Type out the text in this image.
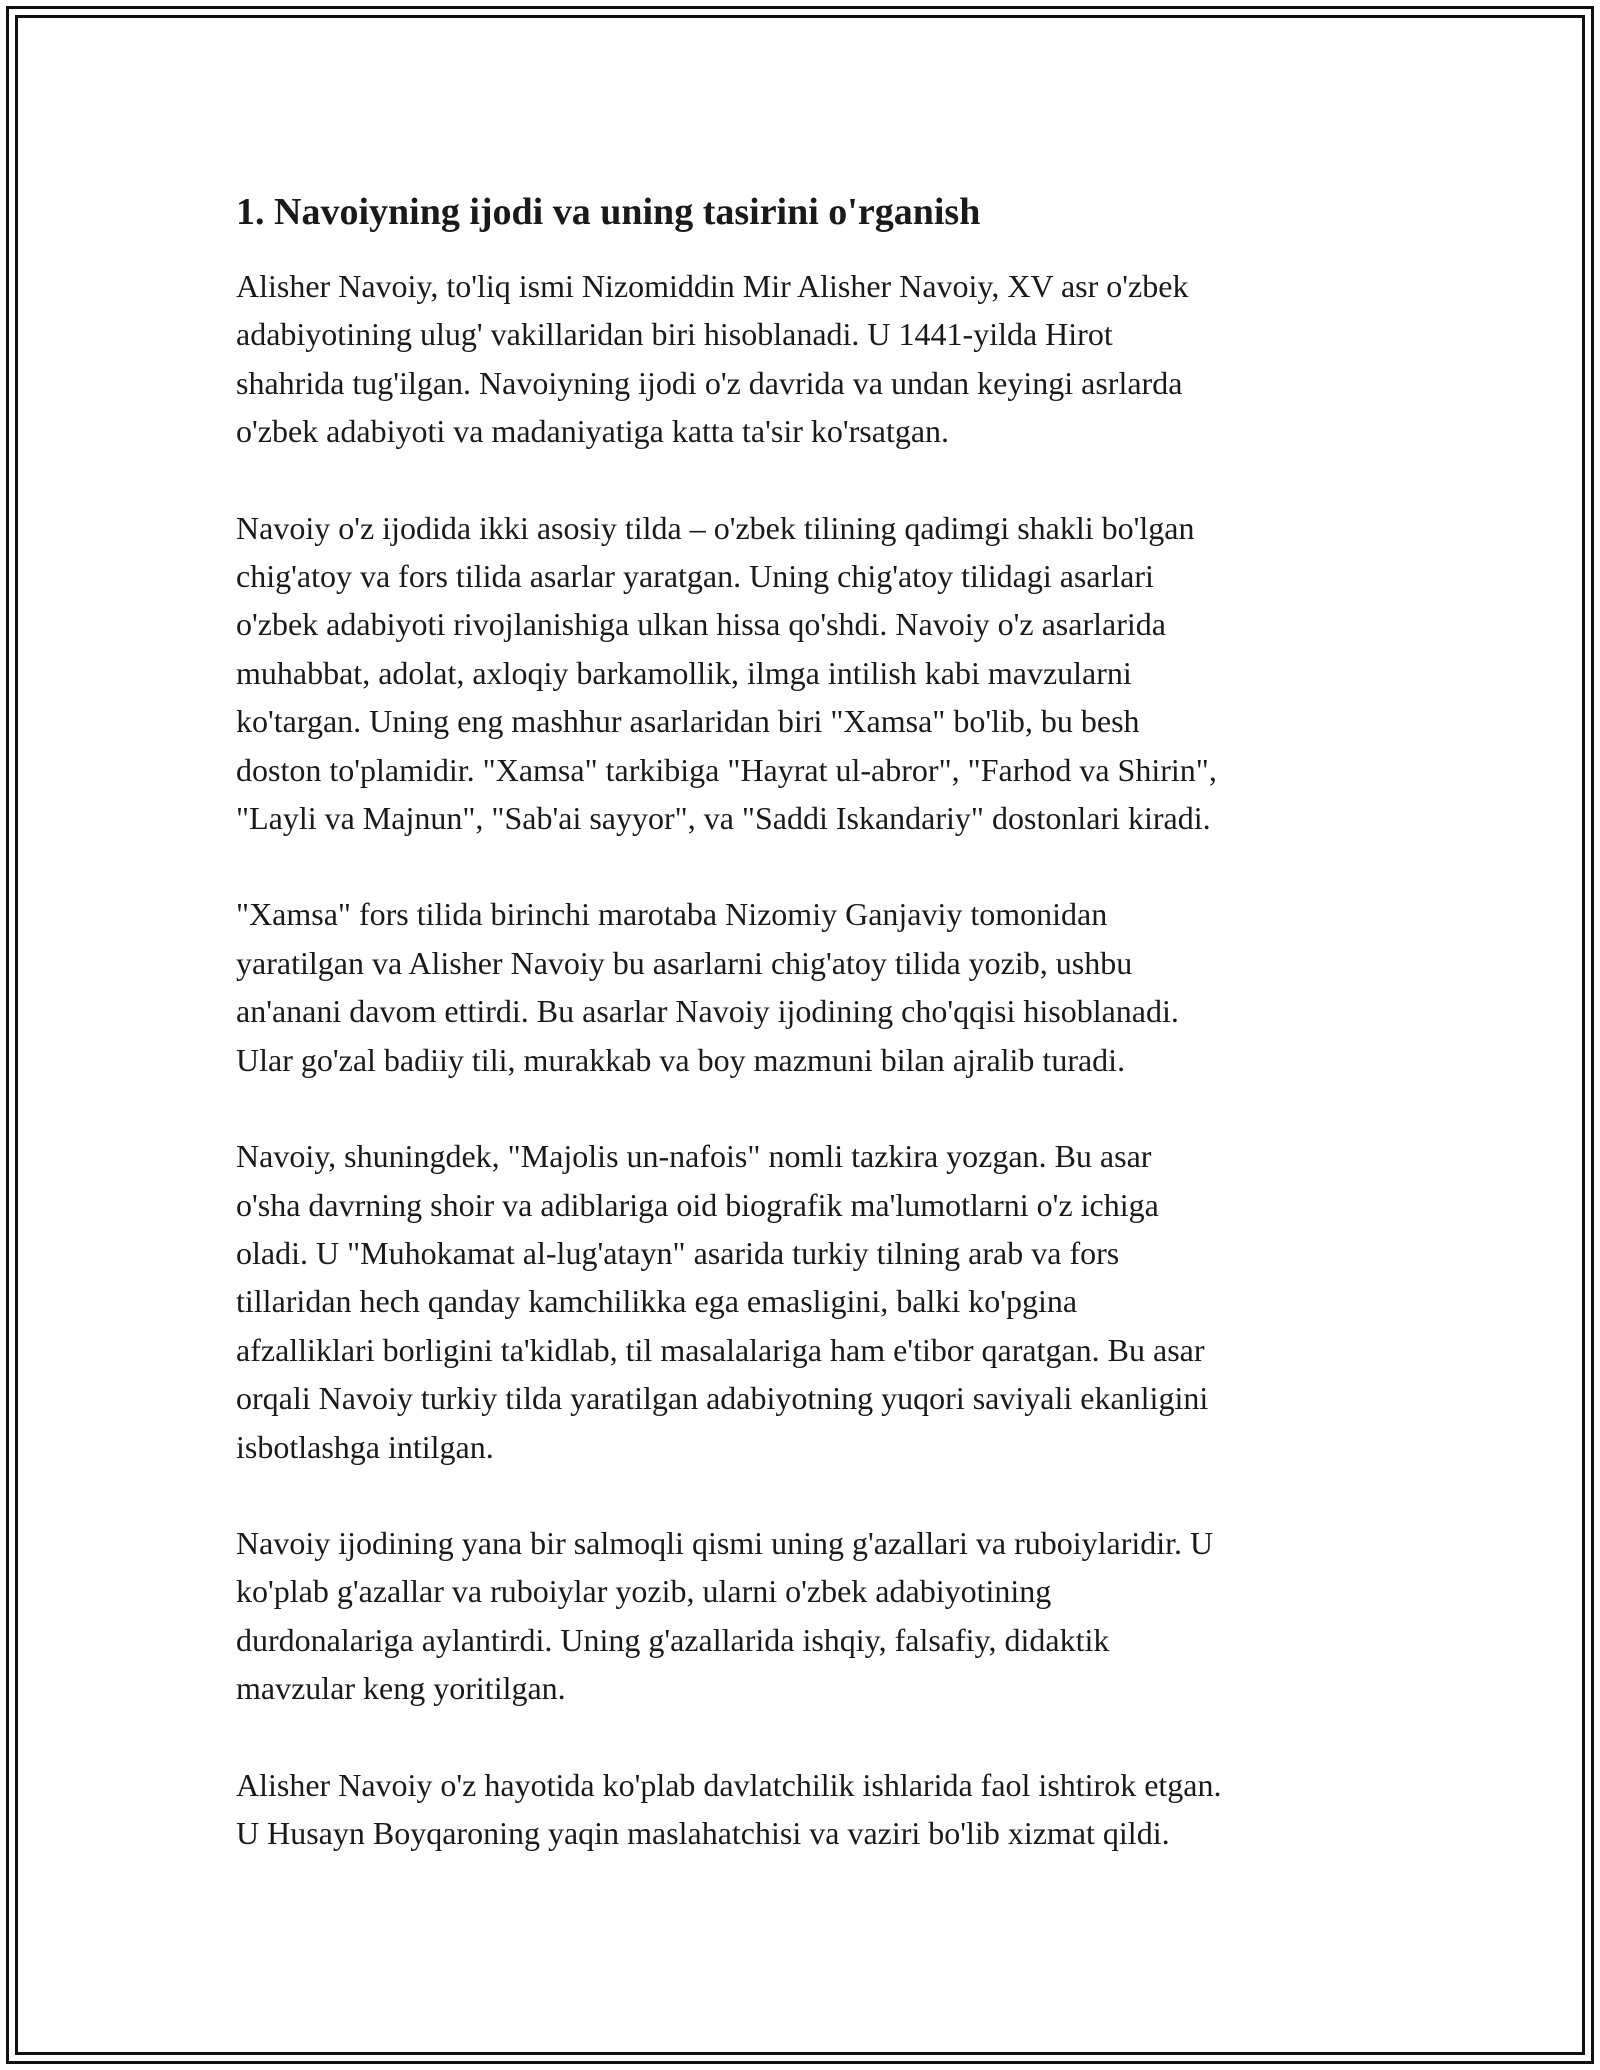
1. Navoiyning ijodi va uning tasirini o'rganish
Alisher Navoiy, to'liq ismi Nizomiddin Mir Alisher Navoiy, XV asr o'zbek
adabiyotining ulug' vakillaridan biri hisoblanadi. U 1441-yilda Hirot
shahrida tug'ilgan. Navoiyning ijodi o'z davrida va undan keyingi asrlarda
o'zbek adabiyoti va madaniyatiga katta ta'sir ko'rsatgan.
Navoiy o'z ijodida ikki asosiy tilda – o'zbek tilining qadimgi shakli bo'lgan
chig'atoy va fors tilida asarlar yaratgan. Uning chig'atoy tilidagi asarlari
o'zbek adabiyoti rivojlanishiga ulkan hissa qo'shdi. Navoiy o'z asarlarida
muhabbat, adolat, axloqiy barkamollik, ilmga intilish kabi mavzularni
ko'targan. Uning eng mashhur asarlaridan biri "Xamsa" bo'lib, bu besh
doston to'plamidir. "Xamsa" tarkibiga "Hayrat ul-abror", "Farhod va Shirin",
"Layli va Majnun", "Sab'ai sayyor", va "Saddi Iskandariy" dostonlari kiradi.
"Xamsa" fors tilida birinchi marotaba Nizomiy Ganjaviy tomonidan
yaratilgan va Alisher Navoiy bu asarlarni chig'atoy tilida yozib, ushbu
an'anani davom ettirdi. Bu asarlar Navoiy ijodining cho'qqisi hisoblanadi.
Ular go'zal badiiy tili, murakkab va boy mazmuni bilan ajralib turadi.
Navoiy, shuningdek, "Majolis un-nafois" nomli tazkira yozgan. Bu asar
o'sha davrning shoir va adiblariga oid biografik ma'lumotlarni o'z ichiga
oladi. U "Muhokamat al-lug'atayn" asarida turkiy tilning arab va fors
tillaridan hech qanday kamchilikka ega emasligini, balki ko'pgina
afzalliklari borligini ta'kidlab, til masalalariga ham e'tibor qaratgan. Bu asar
orqali Navoiy turkiy tilda yaratilgan adabiyotning yuqori saviyali ekanligini
isbotlashga intilgan.
Navoiy ijodining yana bir salmoqli qismi uning g'azallari va ruboiylaridir. U
ko'plab g'azallar va ruboiylar yozib, ularni o'zbek adabiyotining
durdonalariga aylantirdi. Uning g'azallarida ishqiy, falsafiy, didaktik
mavzular keng yoritilgan.
Alisher Navoiy o'z hayotida ko'plab davlatchilik ishlarida faol ishtirok etgan.
U Husayn Boyqaroning yaqin maslahatchisi va vaziri bo'lib xizmat qildi.
